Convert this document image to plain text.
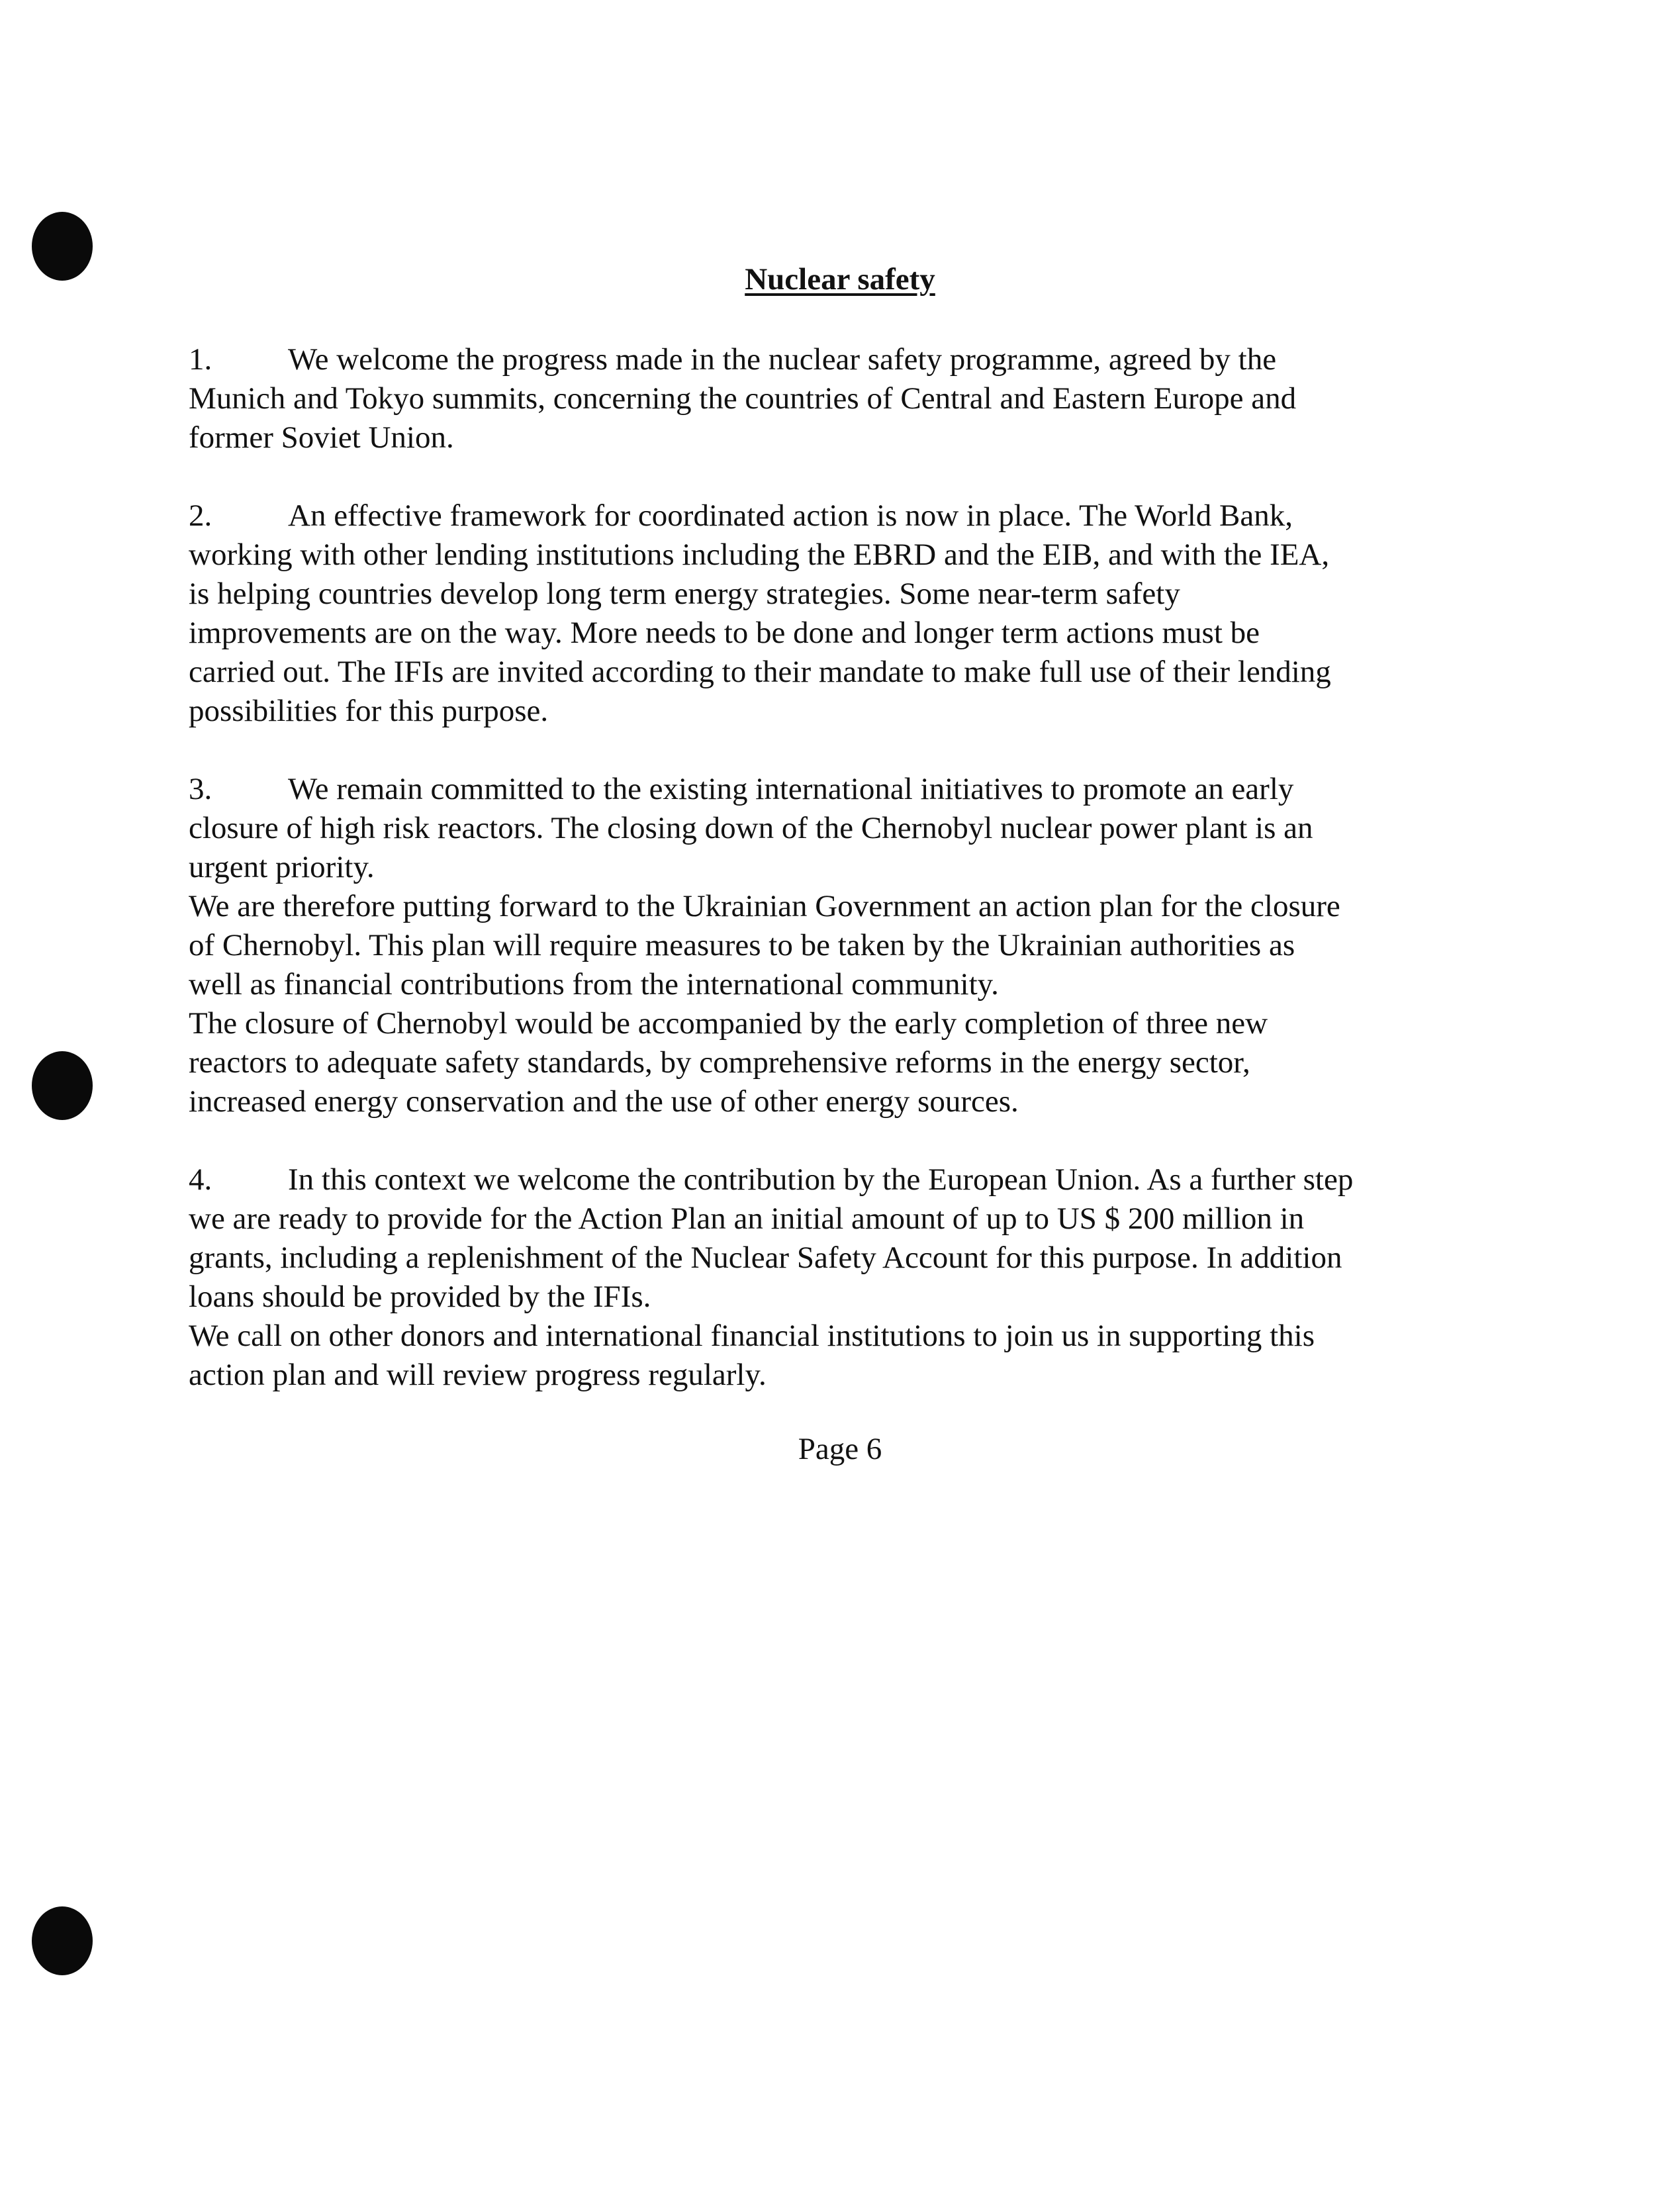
Nuclear safety

1. We welcome the progress made in the nuclear safety programme, agreed by the

Munich and Tokyo summits, concerning the countries of Central and Eastern Europe and

former Soviet Union.

2. An effective framework for coordinated action is now in place. The World Bank,

working with other lending institutions including the EBRD and the EIB, and with the IEA,

is helping countries develop long term energy strategies. Some near-term safety

improvements are on the way. More needs to be done and longer term actions must be

carried out. The IFIs are invited according to their mandate to make full use of their lending

possibilities for this purpose.

3. We remain committed to the existing international initiatives to promote an early

closure of high risk reactors. The closing down of the Chernobyl nuclear power plant is an

urgent priority.

We are therefore putting forward to the Ukrainian Government an action plan for the closure

of Chernobyl. This plan will require measures to be taken by the Ukrainian authorities as

well as financial contributions from the international community.

The closure of Chernobyl would be accompanied by the early completion of three new

reactors to adequate safety standards, by comprehensive reforms in the energy sector,

increased energy conservation and the use of other energy sources.

4. In this context we welcome the contribution by the European Union. As a further step

we are ready to provide for the Action Plan an initial amount of up to US $ 200 million in

grants, including a replenishment of the Nuclear Safety Account for this purpose. In addition

loans should be provided by the IFIs.

We call on other donors and international financial institutions to join us in supporting this

action plan and will review progress regularly.

Page 6
